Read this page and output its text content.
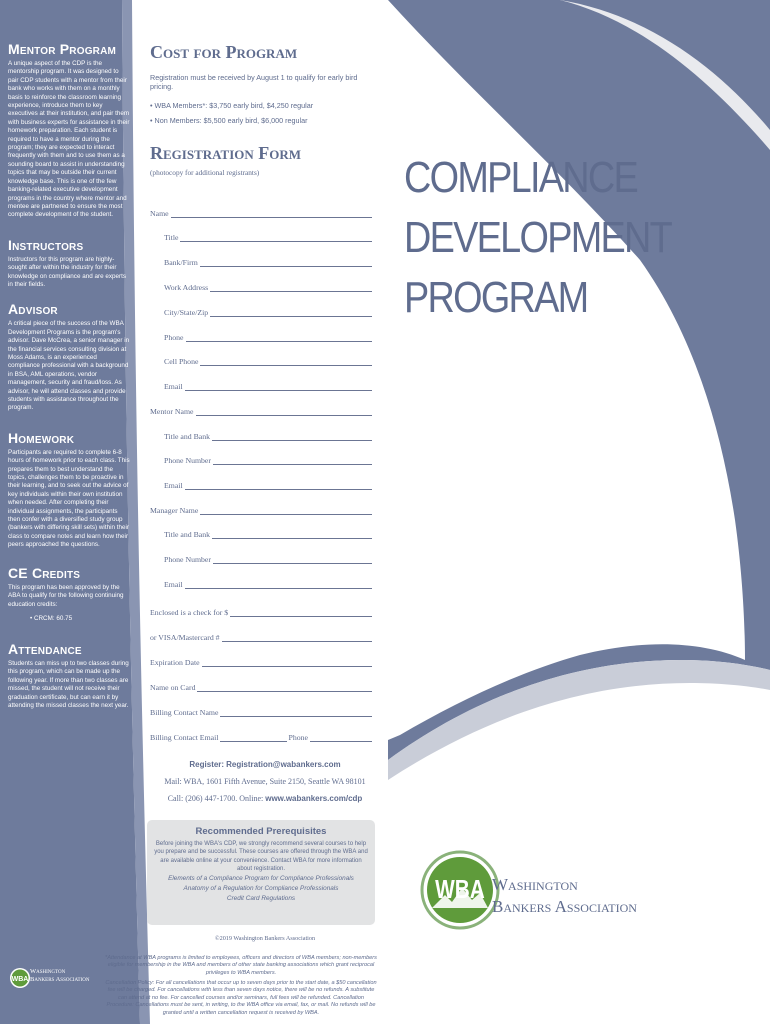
WBA
WBA
Mentor Program

A unique aspect of the CDP is the mentorship program. It was designed to pair CDP students with a mentor from their bank who works with them on a monthly basis to reinforce the classroom learning experience, introduce them to key executives at their institution, and pair them with business experts for assistance in their homework preparation. Each student is required to have a mentor during the program; they are expected to interact frequently with them and to use them as a sounding board to assist in understanding topics that may be outside their current knowledge base. This is one of the few banking-related executive development programs in the country where mentor and mentee are partnered to ensure the most complete development of the student.

Instructors

Instructors for this program are highly-sought after within the industry for their knowledge on compliance and are experts in their fields.

Advisor

A critical piece of the success of the WBA Development Programs is the program's advisor. Dave McCrea, a senior manager in the financial services consulting division at Moss Adams, is an experienced compliance professional with a background in BSA, AML operations, vendor management, security and fraud/loss. As advisor, he will attend classes and provide students with assistance throughout the program.

Homework

Participants are required to complete 6-8 hours of homework prior to each class. This prepares them to best understand the topics, challenges them to be proactive in their learning, and to seek out the advice of key individuals within their own institution when needed. After completing their individual assignments, the participants then confer with a diversified study group (bankers with differing skill sets) within their class to compare notes and learn how their peers approached the questions.

CE Credits

This program has been approved by the ABA to qualify for the following continuing education credits:

• CRCM: 60.75

Attendance

Students can miss up to two classes during this program, which can be made up the following year. If more than two classes are missed, the student will not receive their graduation certificate, but can earn it by attending the missed classes the next year.

Cost for Program

Registration must be received by August 1 to qualify for early bird pricing.

• WBA Members*: $3,750 early bird, $4,250 regular

• Non Members: $5,500 early bird, $6,000 regular

Registration Form

(photocopy for additional registrants)

Name
Title
Bank/Firm
Work Address
City/State/Zip
Phone
Cell Phone
Email
Mentor Name
Title and Bank
Phone Number
Email
Manager Name
Title and Bank
Phone Number
Email
Enclosed is a check for $
or VISA/Mastercard #
Expiration Date
Name on Card
Billing Contact Name
Billing Contact Email	Phone
Register: Registration@wabankers.com
Mail: WBA, 1601 Fifth Avenue, Suite 2150, Seattle WA 98101
Call: (206) 447-1700. Online: www.wabankers.com/cdp
Recommended Prerequisites
Before joining the WBA's CDP, we strongly recommend several courses to help you prepare and be successful. These courses are offered through the WBA and are available online at your convenience. Contact WBA for more information about registration.
Elements of a Compliance Program for Compliance Professionals
Anatomy of a Regulation for Compliance Professionals
Credit Card Regulations
©2019 Washington Bankers Association
*Attendance at WBA programs is limited to employees, officers and directors of WBA members; non-members eligible for membership in the WBA and members of other state banking associations which grant reciprocal privileges to WBA members.
Cancellation Policy: For all cancellations that occur up to seven days prior to the start date, a $50 cancellation fee will be charged. For cancellations with less than seven days notice, there will be no refunds. A substitute can attend at no fee. For cancelled courses and/or seminars, full fees will be refunded. Cancellation Procedure: Cancellations must be sent, in writing, to the WBA office via email, fax, or mail. No refunds will be granted until a written cancellation request is received by WBA.
COMPLIANCE
DEVELOPMENT
PROGRAM
Washington
Bankers Association
Washington
Bankers Association
